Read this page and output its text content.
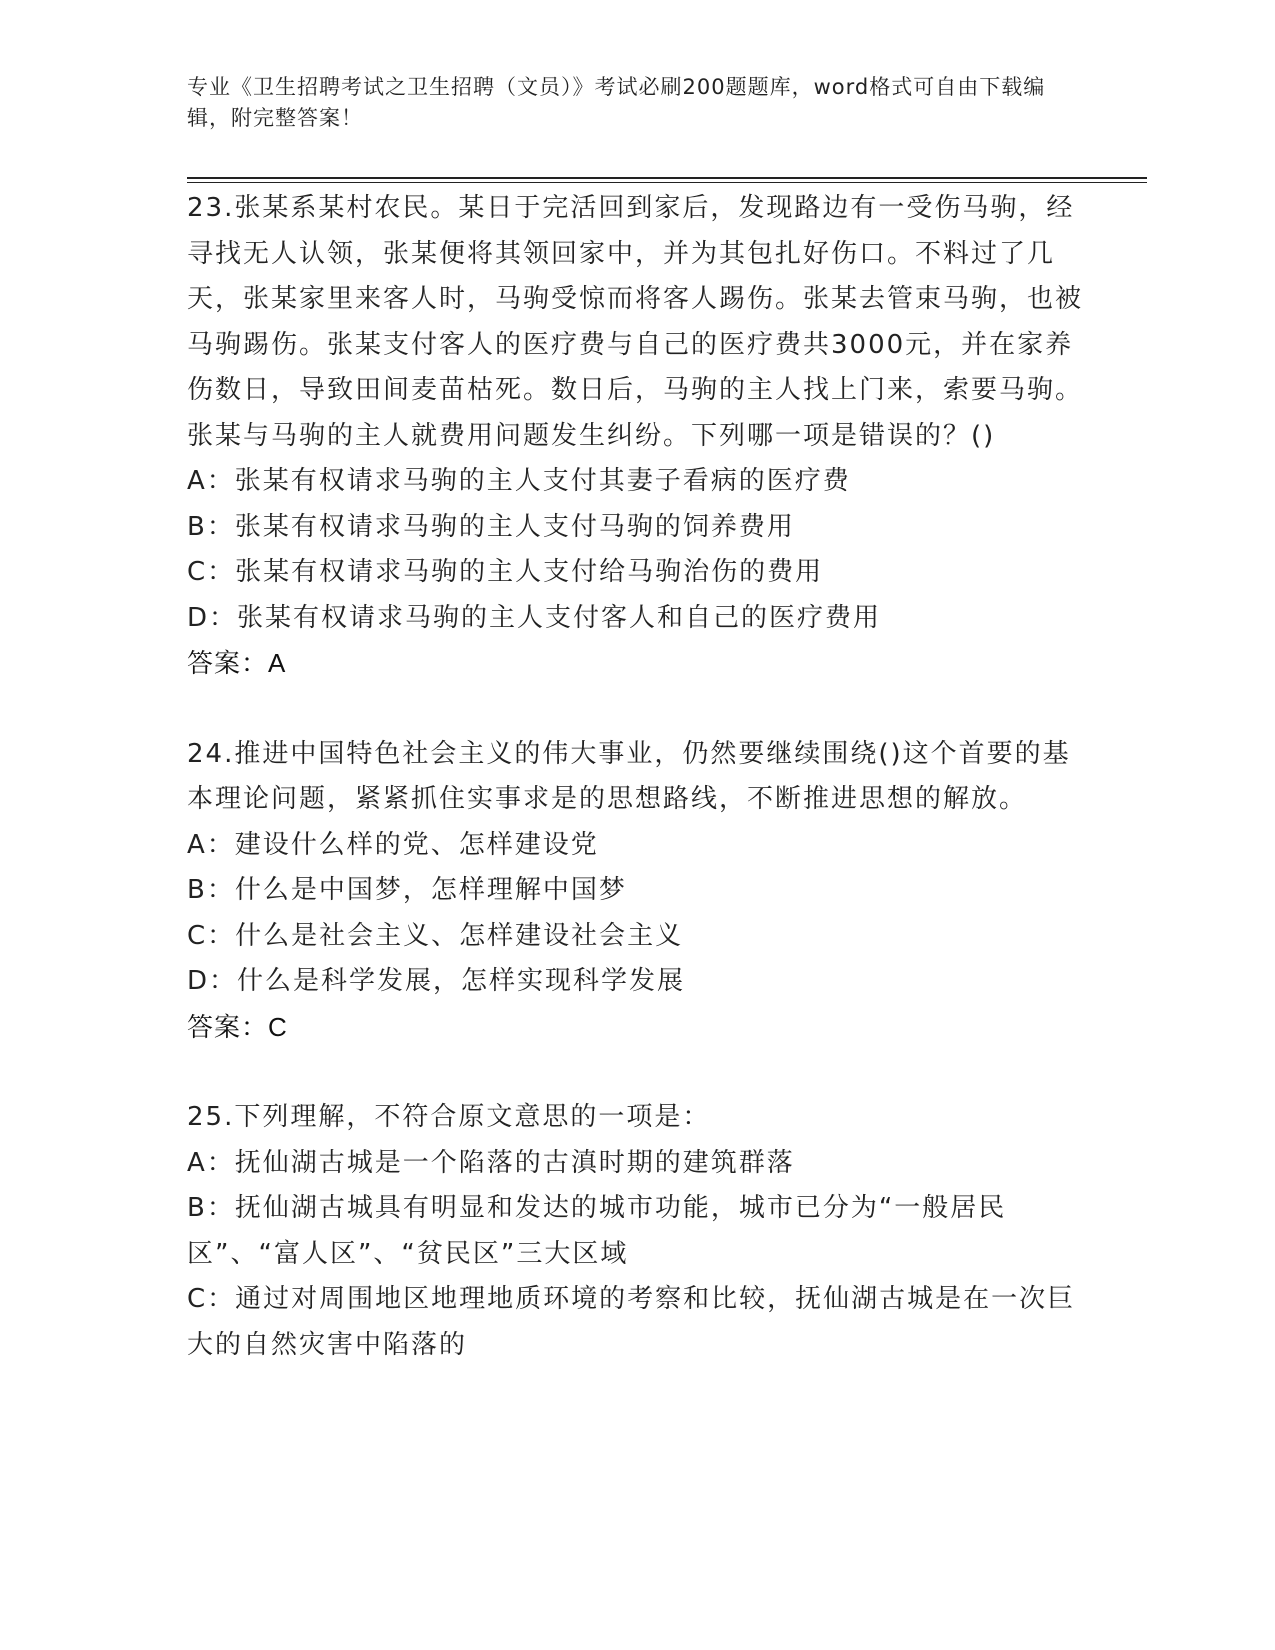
专业《卫生招聘考试之卫生招聘（文员）》考试必刷200题题库，word格式可自由下载编辑，附完整答案！
23.张某系某村农民。某日于完活回到家后，发现路边有一受伤马驹，经寻找无人认领，张某便将其领回家中，并为其包扎好伤口。不料过了几天，张某家里来客人时，马驹受惊而将客人踢伤。张某去管束马驹，也被马驹踢伤。张某支付客人的医疗费与自己的医疗费共3000元，并在家养伤数日，导致田间麦苗枯死。数日后，马驹的主人找上门来，索要马驹。张某与马驹的主人就费用问题发生纠纷。下列哪一项是错误的？()
A：张某有权请求马驹的主人支付其妻子看病的医疗费
B：张某有权请求马驹的主人支付马驹的饲养费用
C：张某有权请求马驹的主人支付给马驹治伤的费用
D：张某有权请求马驹的主人支付客人和自己的医疗费用
答案：A
24.推进中国特色社会主义的伟大事业，仍然要继续围绕()这个首要的基本理论问题，紧紧抓住实事求是的思想路线，不断推进思想的解放。
A：建设什么样的党、怎样建设党
B：什么是中国梦，怎样理解中国梦
C：什么是社会主义、怎样建设社会主义
D：什么是科学发展，怎样实现科学发展
答案：C
25.下列理解，不符合原文意思的一项是：
A：抚仙湖古城是一个陷落的古滇时期的建筑群落
B：抚仙湖古城具有明显和发达的城市功能，城市已分为“一般居民区”、“富人区”、“贫民区”三大区域
C：通过对周围地区地理地质环境的考察和比较，抚仙湖古城是在一次巨大的自然灾害中陷落的
